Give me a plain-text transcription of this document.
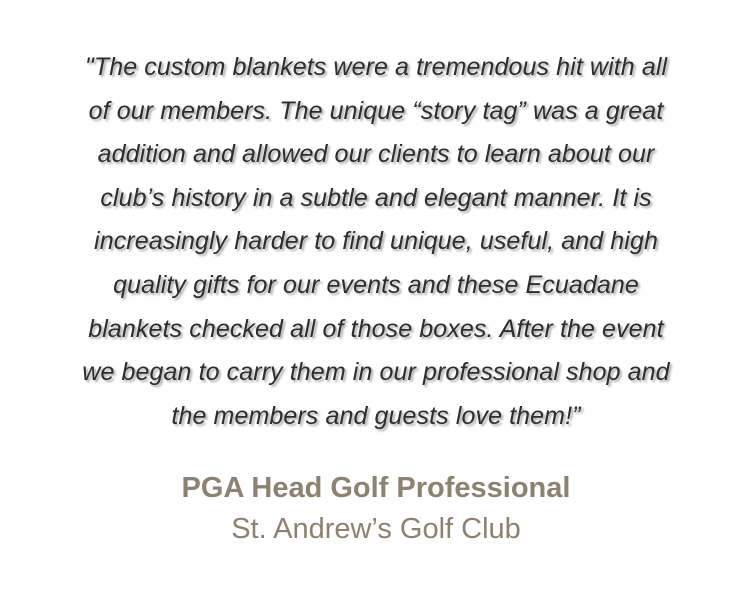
"The custom blankets were a tremendous hit with all
of our members. The unique “story tag” was a great
addition and allowed our clients to learn about our
club’s history in a subtle and elegant manner. It is
increasingly harder to find unique, useful, and high
quality gifts for our events and these Ecuadane
blankets checked all of those boxes. After the event
we began to carry them in our professional shop and
the members and guests love them!”

PGA Head Golf Professional
St. Andrew’s Golf Club
